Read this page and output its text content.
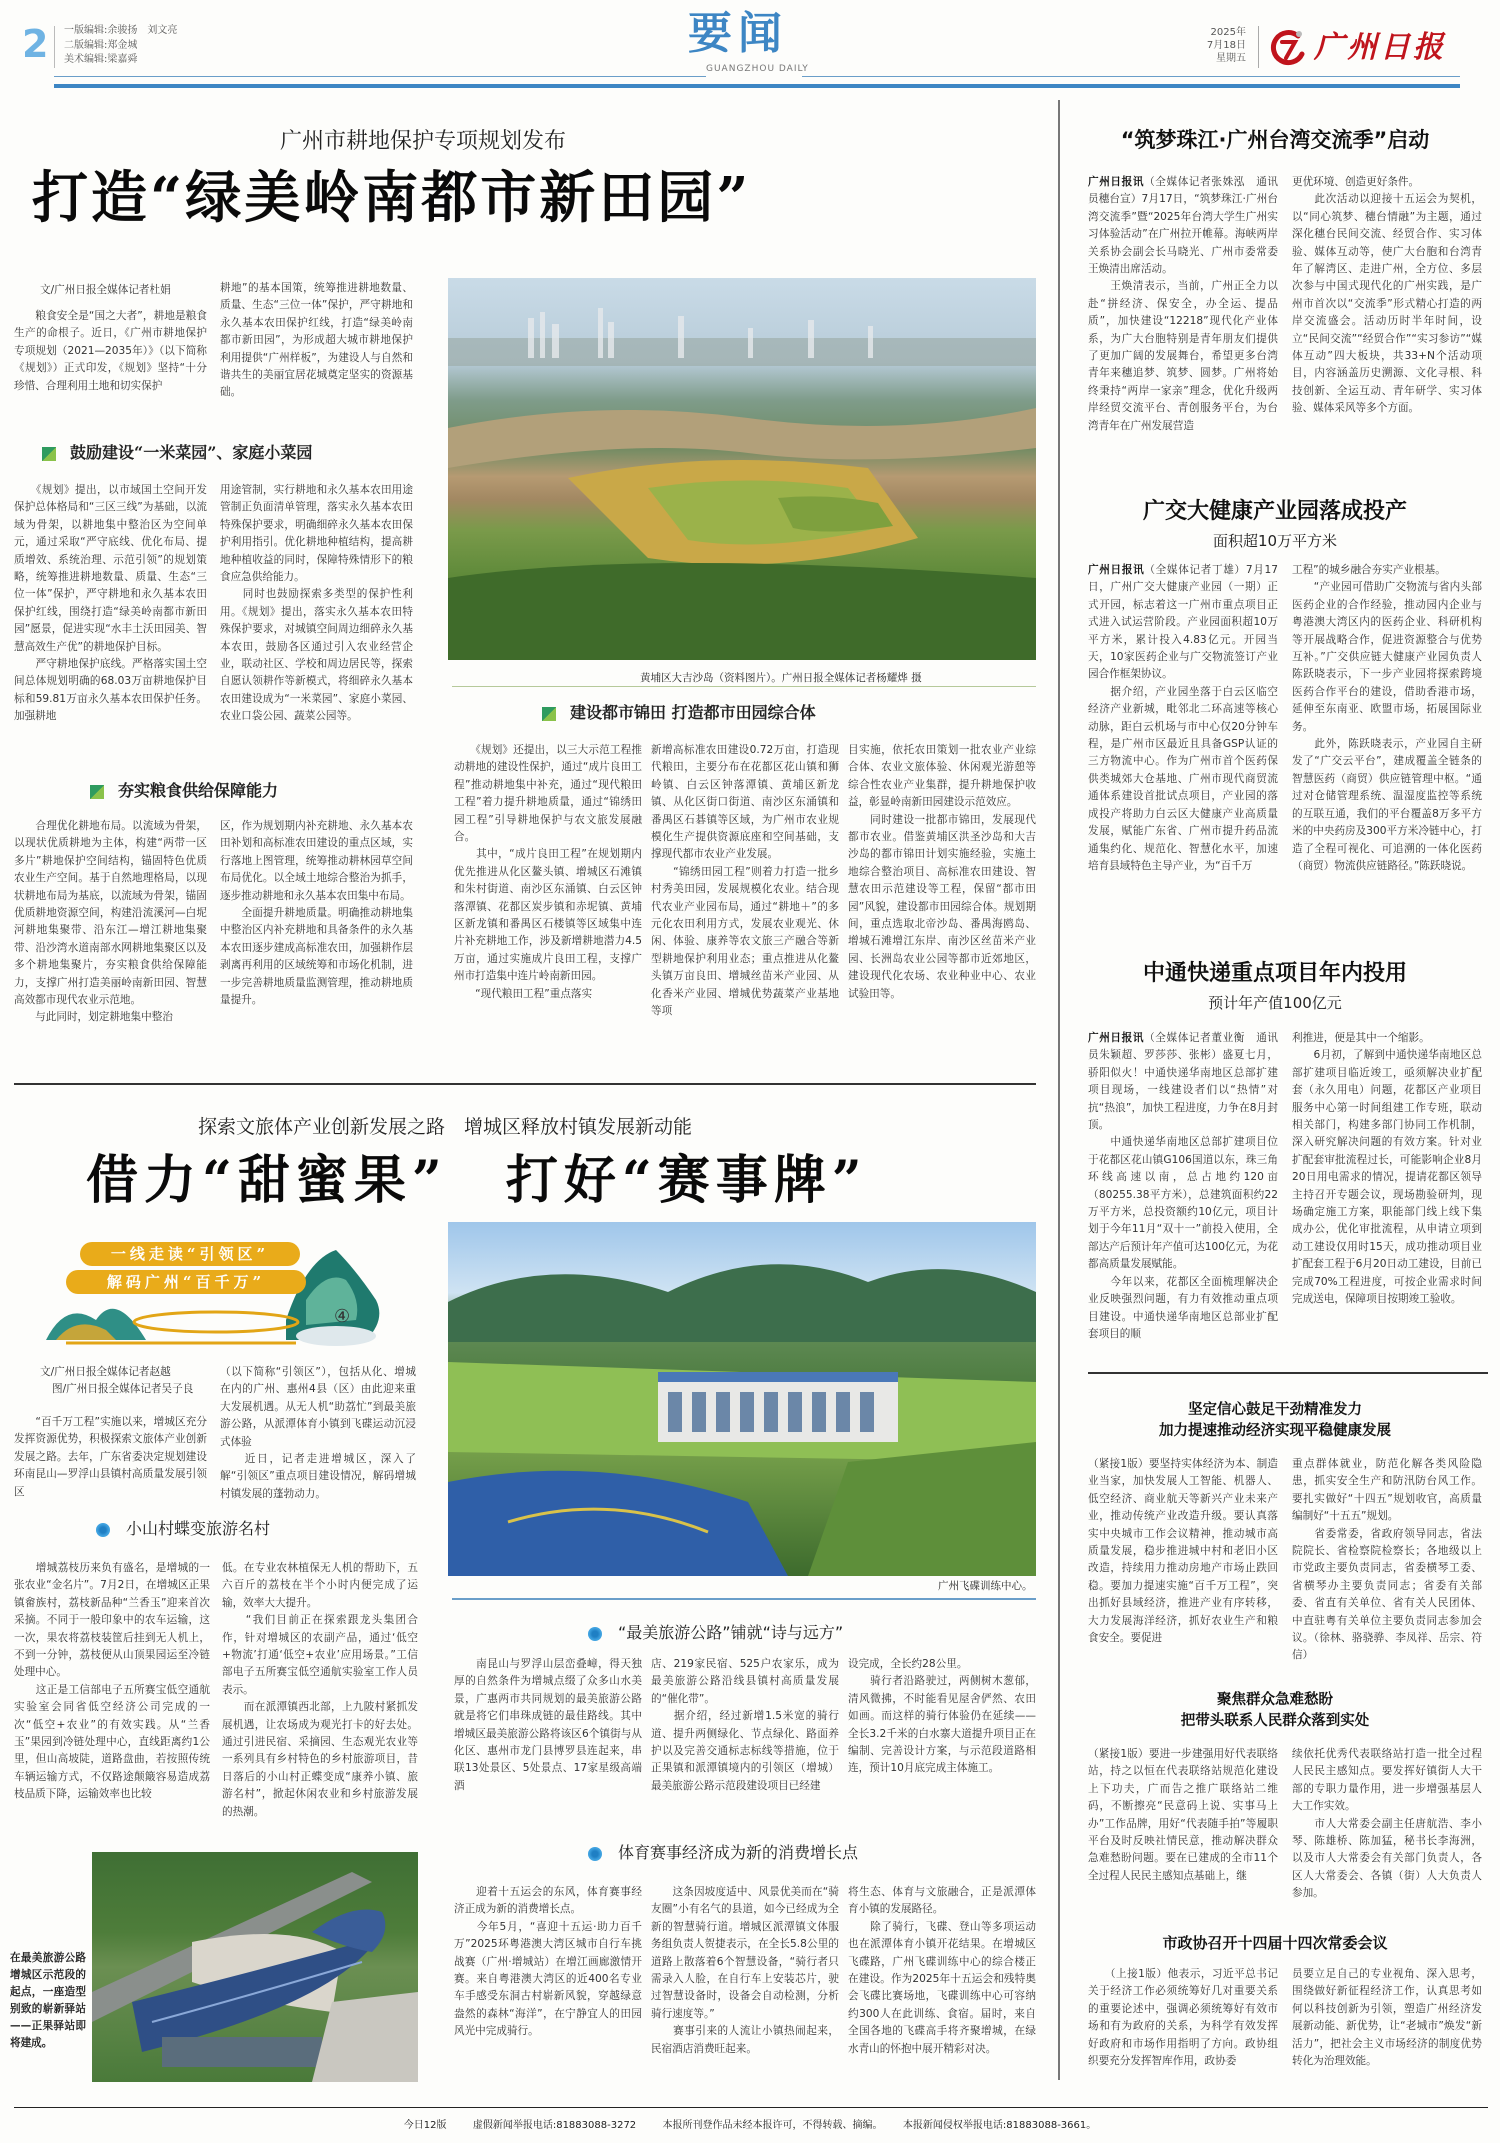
2 一版编辑:余骏扬　刘文亮
二版编辑:郑金城
美术编辑:梁嘉舜
要闻
GUANGZHOU DAILY
2025年
7月18日
星期五 广州日报
广州市耕地保护专项规划发布
打造“绿美岭南都市新田园”
文/广州日报全媒体记者杜娟
　　粮食安全是“国之大者”，耕地是粮食生产的命根子。近日，《广州市耕地保护专项规划（2021—2035年）》（以下简称《规划》）正式印发，《规划》坚持“十分珍惜、合理利用土地和切实保护
耕地”的基本国策，统筹推进耕地数量、质量、生态“三位一体”保护，严守耕地和永久基本农田保护红线，打造“绿美岭南都市新田园”，为形成超大城市耕地保护利用提供“广州样板”，为建设人与自然和谐共生的美丽宜居花城奠定坚实的资源基础。
鼓励建设“一米菜园”、家庭小菜园
　　《规划》提出，以市域国土空间开发保护总体格局和“三区三线”为基础，以流域为骨架，以耕地集中整治区为空间单元，通过采取“严守底线、优化布局、提质增效、系统治理、示范引领”的规划策略，统筹推进耕地数量、质量、生态“三位一体”保护，严守耕地和永久基本农田保护红线，围绕打造“绿美岭南都市新田园”愿景，促进实现“水丰土沃田园美、智慧高效生产优”的耕地保护目标。
　　严守耕地保护底线。严格落实国土空间总体规划明确的68.03万亩耕地保护目标和59.81万亩永久基本农田保护任务。加强耕地
用途管制，实行耕地和永久基本农田用途管制正负面清单管理，落实永久基本农田特殊保护要求，明确细碎永久基本农田保护利用指引。优化耕地种植结构，提高耕地种植收益的同时，保障特殊情形下的粮食应急供给能力。
　　同时也鼓励探索多类型的保护性利用。《规划》提出，落实永久基本农田特殊保护要求，对城镇空间周边细碎永久基本农田，鼓励各区通过引入农业经营企业，联动社区、学校和周边居民等，探索自愿认领耕作等新模式，将细碎永久基本农田建设成为“一米菜园”、家庭小菜园、农业口袋公园、蔬菜公园等。
夯实粮食供给保障能力
　　合理优化耕地布局。以流域为骨架，以现状优质耕地为主体，构建“两带一区多片”耕地保护空间结构，锚固特色优质农业生产空间。基于自然地理格局，以现状耕地布局为基底，以流域为骨架，锚固优质耕地资源空间，构建沿流溪河—白坭河耕地集聚带、沿东江—增江耕地集聚带、沿沙湾水道南部水网耕地集聚区以及多个耕地集聚片，夯实粮食供给保障能力，支撑广州打造美丽岭南新田园、智慧高效都市现代农业示范地。
　　与此同时，划定耕地集中整治
区，作为规划期内补充耕地、永久基本农田补划和高标准农田建设的重点区域，实行落地上图管理，统筹推动耕林园草空间布局优化。以全域土地综合整治为抓手，逐步推动耕地和永久基本农田集中布局。
　　全面提升耕地质量。明确推动耕地集中整治区内补充耕地和具备条件的永久基本农田逐步建成高标准农田，加强耕作层剥离再利用的区域统筹和市场化机制，进一步完善耕地质量监测管理，推动耕地质量提升。
黄埔区大吉沙岛（资料图片）。广州日报全媒体记者杨耀烨 摄
建设都市锦田 打造都市田园综合体
　　《规划》还提出，以三大示范工程推动耕地的建设性保护，通过“成片良田工程”推动耕地集中补充，通过“现代粮田工程”着力提升耕地质量，通过“锦绣田园工程”引导耕地保护与农文旅发展融合。
　　其中，“成片良田工程”在规划期内优先推进从化区鳌头镇、增城区石滩镇和朱村街道、南沙区东涌镇、白云区钟落潭镇、花都区炭步镇和赤坭镇、黄埔区新龙镇和番禺区石楼镇等区域集中连片补充耕地工作，涉及新增耕地潜力4.5万亩，通过实施成片良田工程，支撑广州市打造集中连片岭南新田园。
　　“现代粮田工程”重点落实
新增高标准农田建设0.72万亩，打造现代粮田，主要分布在花都区花山镇和狮岭镇、白云区钟落潭镇、黄埔区新龙镇、从化区街口街道、南沙区东涌镇和番禺区石碁镇等区域，为广州市农业规模化生产提供资源底座和空间基础，支撑现代都市农业产业发展。
　　“锦绣田园工程”则着力打造一批乡村秀美田园，发展规模化农业。结合现代农业产业园布局，通过“耕地＋”的多元化农田利用方式，发展农业观光、休闲、体验、康养等农文旅三产融合等新型耕地保护利用业态；重点推进从化鳌头镇万亩良田、增城丝苗米产业园、从化香米产业园、增城优势蔬菜产业基地等项
目实施，依托农田策划一批农业产业综合体、农业文旅体验、休闲观光游憩等综合性农业产业集群，提升耕地保护收益，彰显岭南新田园建设示范效应。
　　同时建设一批都市锦田，发展现代都市农业。借鉴黄埔区洪圣沙岛和大吉沙岛的都市锦田计划实施经验，实施土地综合整治项目、高标准农田建设、智慧农田示范建设等工程，保留“都市田园”风貌，建设都市田园综合体。规划期间，重点选取北帝沙岛、番禺海鸥岛、增城石滩增江东岸、南沙区丝苗米产业园、长洲岛农业公园等都市近郊地区，建设现代化农场、农业种业中心、农业试验田等。
探索文旅体产业创新发展之路　增城区释放村镇发展新动能
借力“甜蜜果”　打好“赛事牌”
一线走读“引领区”
解码广州“百千万”
④
文/广州日报全媒体记者赵越
图/广州日报全媒体记者吴子良
　　“百千万工程”实施以来，增城区充分发挥资源优势，积极探索文旅体产业创新发展之路。去年，广东省委决定规划建设环南昆山—罗浮山县镇村高质量发展引领区
（以下简称“引领区”），包括从化、增城在内的广州、惠州4县（区）由此迎来重大发展机遇。从无人机“助荔忙”到最美旅游公路，从派潭体育小镇到飞碟运动沉浸式体验
　　近日，记者走进增城区，深入了解“引领区”重点项目建设情况，解码增城村镇发展的蓬勃动力。
小山村蝶变旅游名村
　　增城荔枝历来负有盛名，是增城的一张农业“金名片”。7月2日，在增城区正果镇畲族村，荔枝新品种“兰香玉”迎来首次采摘。不同于一般印象中的农车运输，这一次，果农将荔枝装筐后挂到无人机上，不到一分钟，荔枝便从山顶果园运至冷链处理中心。
　　这正是工信部电子五所赛宝低空通航实验室会同省低空经济公司完成的一次“低空+农业”的有效实践。从“兰香玉”果园到冷链处理中心，直线距离约1公里，但山高坡陡，道路盘曲，若按照传统车辆运输方式，不仅路途颠簸容易造成荔枝品质下降，运输效率也比较
低。在专业农林植保无人机的帮助下，五六百斤的荔枝在半个小时内便完成了运输，效率大大提升。
　　“我们目前正在探索跟龙头集团合作，针对增城区的农副产品，通过‘低空+物流’打通‘低空+农业’应用场景。”工信部电子五所赛宝低空通航实验室工作人员表示。
　　而在派潭镇西北部，上九陂村紧抓发展机遇，让农场成为观光打卡的好去处。通过引进民宿、采摘园、生态观光农业等一系列具有乡村特色的乡村旅游项目，昔日落后的小山村正蝶变成“康养小镇、旅游名村”，掀起休闲农业和乡村旅游发展的热潮。
广州飞碟训练中心。
“最美旅游公路”铺就“诗与远方”
　　南昆山与罗浮山层峦叠嶂，得天独厚的自然条件为增城点缀了众多山水美景，广惠两市共同规划的最美旅游公路就是将它们串珠成链的最佳路线。其中增城区最美旅游公路将该区6个镇街与从化区、惠州市龙门县博罗县连起来，串联13处景区、5处景点、17家星级高端酒
店、219家民宿、525户农家乐，成为最美旅游公路沿线县镇村高质量发展的“催化带”。
　　据介绍，经过新增1.5米宽的骑行道、提升两侧绿化、节点绿化、路面养护以及完善交通标志标线等措施，位于正果镇和派潭镇境内的引领区（增城）最美旅游公路示范段建设项目已经建
设完成，全长约28公里。
　　骑行者沿路驶过，两侧树木葱郁，清风微拂，不时能看见屋舍俨然、农田如画。而这样的骑行体验仍在延续——全长3.2千米的白水寨大道提升项目正在编制、完善设计方案，与示范段道路相连，预计10月底完成主体施工。
在最美旅游公路增城区示范段的起点，一座造型别致的崭新驿站——正果驿站即将建成。
体育赛事经济成为新的消费增长点
　　迎着十五运会的东风，体育赛事经济正成为新的消费增长点。
　　今年5月，“喜迎十五运·助力百千万”2025环粤港澳大湾区城市自行车挑战赛（广州·增城站）在增江画廊激情开赛。来自粤港澳大湾区的近400名专业车手感受东洞古村崭新风貌，穿越绿意盎然的森林“海洋”，在宁静宜人的田园风光中完成骑行。
　　这条因坡度适中、风景优美而在“骑友圈”小有名气的县道，如今已经成为全新的智慧骑行道。增城区派潭镇文体服务组负责人贺捷表示，在全长5.8公里的道路上散落着6个智慧设备，“骑行者只需录入人脸，在自行车上安装芯片，驶过智慧设备时，设备会自动检测，分析骑行速度等。”
　　赛事引来的人流让小镇热闹起来，民宿酒店消费旺起来。
将生态、体育与文旅融合，正是派潭体育小镇的发展路径。
　　除了骑行，飞碟、登山等多项运动也在派潭体育小镇开花结果。在增城区飞碟路，广州飞碟训练中心的综合楼正在建设。作为2025年十五运会和残特奥会飞碟比赛场地，飞碟训练中心可容纳约300人在此训练、食宿。届时，来自全国各地的飞碟高手将齐聚增城，在绿水青山的怀抱中展开精彩对决。
“筑梦珠江·广州台湾交流季”启动
广州日报讯（全媒体记者张姝泓　通讯员穗台宣）7月17日，“筑梦珠江·广州台湾交流季”暨“2025年台湾大学生广州实习体验活动”在广州拉开帷幕。海峡两岸关系协会副会长马晓光、广州市委常委王焕清出席活动。
　　王焕清表示，当前，广州正全力以赴“拼经济、保安全，办全运、提品质”，加快建设“12218”现代化产业体系，为广大台胞特别是青年朋友们提供了更加广阔的发展舞台，希望更多台湾青年来穗追梦、筑梦、圆梦。广州将始终秉持“两岸一家亲”理念，优化升级两岸经贸交流平台、青创服务平台，为台湾青年在广州发展营造
更优环境、创造更好条件。
　　此次活动以迎接十五运会为契机，以“同心筑梦、穗台情融”为主题，通过深化穗台民间交流、经贸合作、实习体验、媒体互动等，使广大台胞和台湾青年了解湾区、走进广州，全方位、多层次参与中国式现代化的广州实践，是广州市首次以“交流季”形式精心打造的两岸交流盛会。活动历时半年时间，设立“民间交流”“经贸合作”“实习参访”“媒体互动”四大板块，共33+N个活动项目，内容涵盖历史溯源、文化寻根、科技创新、全运互动、青年研学、实习体验、媒体采风等多个方面。
广交大健康产业园落成投产
面积超10万平方米
广州日报讯（全媒体记者丁雄）7月17日，广州广交大健康产业园（一期）正式开园，标志着这一广州市重点项目正式进入试运营阶段。产业园面积超10万平方米，累计投入4.83亿元。开园当天，10家医药企业与广交物流签订产业园合作框架协议。
　　据介绍，产业园坐落于白云区临空经济产业新城，毗邻北二环高速等核心动脉，距白云机场与市中心仅20分钟车程，是广州市区最近且具备GSP认证的三方物流中心。作为广州市首个医药保供类城郊大仓基地、广州市现代商贸流通体系建设首批试点项目，产业园的落成投产将助力白云区大健康产业高质量发展，赋能广东省、广州市提升药品流通集约化、规范化、智慧化水平，加速培育县域特色主导产业，为“百千万
工程”的城乡融合夯实产业根基。
　　“产业园可借助广交物流与省内头部医药企业的合作经验，推动园内企业与粤港澳大湾区内的医药企业、科研机构等开展战略合作，促进资源整合与优势互补。”广交供应链大健康产业园负责人陈跃晓表示，下一步产业园将探索跨境医药合作平台的建设，借助香港市场，延伸至东南亚、欧盟市场，拓展国际业务。
　　此外，陈跃晓表示，产业园自主研发了“广交云平台”，建成覆盖全链条的智慧医药（商贸）供应链管理中枢。“通过对仓储管理系统、温湿度监控等系统的互联互通，我们的平台覆盖8万多平方米的中央药房及300平方米冷链中心，打造了全程可视化、可追溯的一体化医药（商贸）物流供应链路径。”陈跃晓说。
中通快递重点项目年内投用
预计年产值100亿元
广州日报讯（全媒体记者董业衡　通讯员朱颖超、罗莎莎、张彬）盛夏七月，骄阳似火！中通快递华南地区总部扩建项目现场，一线建设者们以“热情”对抗“热浪”，加快工程进度，力争在8月封顶。
　　中通快递华南地区总部扩建项目位于花都区花山镇G106国道以东，珠三角环线高速以南，总占地约120亩（80255.38平方米），总建筑面积约22万平方米，总投资额约10亿元，项目计划于今年11月“双十一”前投入使用，全部达产后预计年产值可达100亿元，为花都高质量发展赋能。
　　今年以来，花都区全面梳理解决企业反映强烈问题，有力有效推动重点项目建设。中通快递华南地区总部业扩配套项目的顺
利推进，便是其中一个缩影。
　　6月初，了解到中通快递华南地区总部扩建项目临近竣工，亟须解决业扩配套（永久用电）问题，花都区产业项目服务中心第一时间组建工作专班，联动相关部门，构建多部门协同工作机制，深入研究解决问题的有效方案。针对业扩配套审批流程过长，可能影响企业8月20日用电需求的情况，提请花都区领导主持召开专题会议，现场勘验研判，现场确定施工方案，职能部门线上线下集成办公，优化审批流程，从申请立项到动工建设仅用时15天，成功推动项目业扩配套工程于6月20日动工建设，目前已完成70%工程进度，可按企业需求时间完成送电，保障项目按期竣工验收。
坚定信心鼓足干劲精准发力
加力提速推动经济实现平稳健康发展
（紧接1版）要坚持实体经济为本、制造业当家，加快发展人工智能、机器人、低空经济、商业航天等新兴产业未来产业，推动传统产业改造升级。要认真落实中央城市工作会议精神，推动城市高质量发展，稳步推进城中村和老旧小区改造，持续用力推动房地产市场止跌回稳。要加力提速实施“百千万工程”，突出抓好县域经济，推进产业有序转移，大力发展海洋经济，抓好农业生产和粮食安全。要促进
重点群体就业，防范化解各类风险隐患，抓实安全生产和防汛防台风工作。要扎实做好“十四五”规划收官，高质量编制好“十五五”规划。
　　省委常委，省政府领导同志，省法院院长、省检察院检察长；各地级以上市党政主要负责同志，省委横琴工委、省横琴办主要负责同志；省委有关部委、省直有关单位、省有关人民团体、中直驻粤有关单位主要负责同志参加会议。（徐林、骆骁骅、李凤祥、岳宗、符信）
聚焦群众急难愁盼
把带头联系人民群众落到实处
（紧接1版）要进一步建强用好代表联络站，持之以恒在代表联络站规范化建设上下功夫，广而告之推广联络站二维码，不断擦亮“民意码上说、实事马上办”工作品牌，用好“代表随手拍”等履职平台及时反映社情民意，推动解决群众急难愁盼问题。要在已建成的全市11个全过程人民民主感知点基础上，继
续依托优秀代表联络站打造一批全过程人民民主感知点。要发挥好镇街人大干部的专职力量作用，进一步增强基层人大工作实效。
　　市人大常委会副主任唐航浩、李小琴、陈雄桥、陈加猛，秘书长李海洲，以及市人大常委会有关部门负责人，各区人大常委会、各镇（街）人大负责人参加。
市政协召开十四届十四次常委会议
　　（上接1版）他表示，习近平总书记关于经济工作必须统筹好几对重要关系的重要论述中，强调必须统筹好有效市场和有为政府的关系，为科学有效发挥好政府和市场作用指明了方向。政协组织要充分发挥智库作用，政协委
员要立足自己的专业视角、深入思考，围绕做好新征程经济工作，认真思考如何以科技创新为引领，塑造广州经济发展新动能、新优势，让“老城市”焕发“新活力”，把社会主义市场经济的制度优势转化为治理效能。
今日12版	虚假新闻举报电话:81883088-3272	本报所刊登作品未经本报许可，不得转载、摘编。 本报新闻侵权举报电话:81883088-3661。
